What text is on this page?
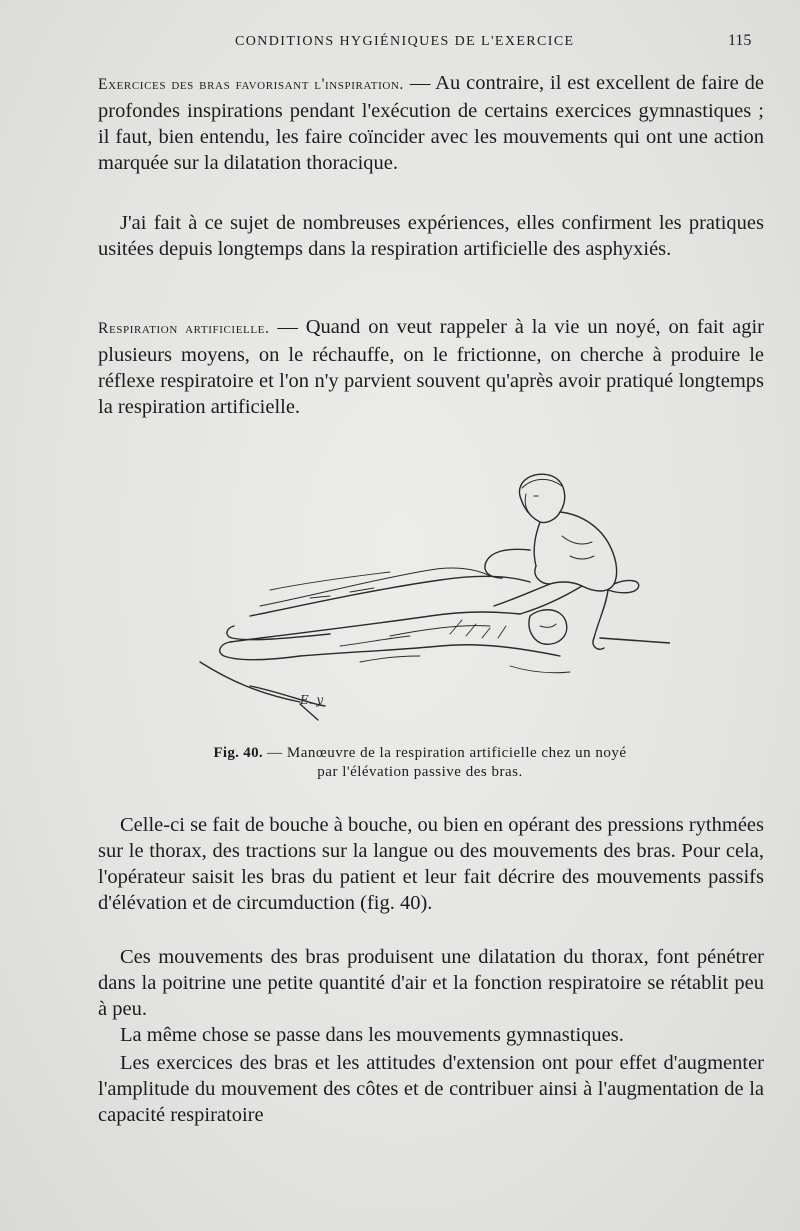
CONDITIONS HYGIÉNIQUES DE L'EXERCICE	115

Exercices des bras favorisant l'inspiration. — Au contraire, il est excellent de faire de profondes inspirations pendant l'exécution de certains exercices gymnastiques ; il faut, bien entendu, les faire coïncider avec les mouvements qui ont une action marquée sur la dilatation thoracique.

J'ai fait à ce sujet de nombreuses expériences, elles confirment les pratiques usitées depuis longtemps dans la respiration artificielle des asphyxiés.

Respiration artificielle. — Quand on veut rappeler à la vie un noyé, on fait agir plusieurs moyens, on le réchauffe, on le frictionne, on cherche à produire le réflexe respiratoire et l'on n'y parvient souvent qu'après avoir pratiqué longtemps la respiration artificielle.

E. y
Fig. 40. — Manœuvre de la respiration artificielle chez un noyé
par l'élévation passive des bras.

Celle-ci se fait de bouche à bouche, ou bien en opérant des pressions rythmées sur le thorax, des tractions sur la langue ou des mouvements des bras. Pour cela, l'opérateur saisit les bras du patient et leur fait décrire des mouvements passifs d'élévation et de circumduction (fig. 40).

Ces mouvements des bras produisent une dilatation du thorax, font pénétrer dans la poitrine une petite quantité d'air et la fonction respiratoire se rétablit peu à peu.

La même chose se passe dans les mouvements gymnastiques.

Les exercices des bras et les attitudes d'extension ont pour effet d'augmenter l'amplitude du mouvement des côtes et de contribuer ainsi à l'augmentation de la capacité respiratoire
